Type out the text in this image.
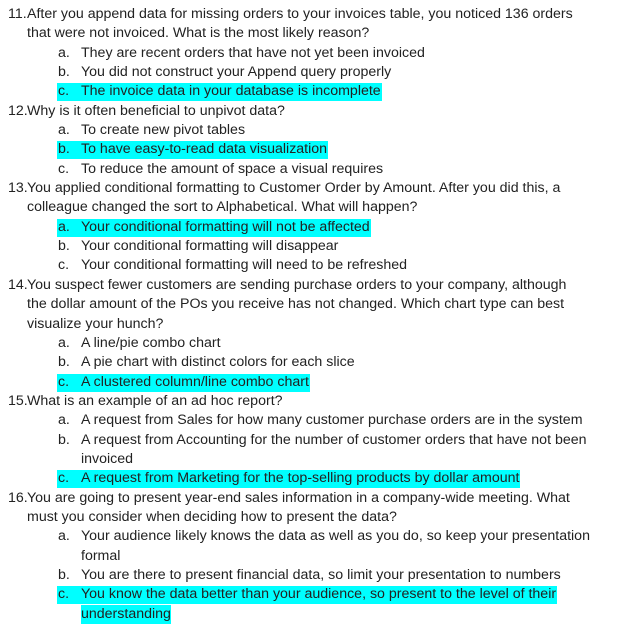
11. After you append data for missing orders to your invoices table, you noticed 136 orders
that were not invoiced. What is the most likely reason?
a. They are recent orders that have not yet been invoiced
b. You did not construct your Append query properly
c. The invoice data in your database is incomplete
12. Why is it often beneficial to unpivot data?
a. To create new pivot tables
b. To have easy-to-read data visualization
c. To reduce the amount of space a visual requires
13. You applied conditional formatting to Customer Order by Amount. After you did this, a
colleague changed the sort to Alphabetical. What will happen?
a. Your conditional formatting will not be affected
b. Your conditional formatting will disappear
c. Your conditional formatting will need to be refreshed
14. You suspect fewer customers are sending purchase orders to your company, although
the dollar amount of the POs you receive has not changed. Which chart type can best
visualize your hunch?
a. A line/pie combo chart
b. A pie chart with distinct colors for each slice
c. A clustered column/line combo chart
15. What is an example of an ad hoc report?
a. A request from Sales for how many customer purchase orders are in the system
b. A request from Accounting for the number of customer orders that have not been
invoiced
c. A request from Marketing for the top-selling products by dollar amount
16. You are going to present year-end sales information in a company-wide meeting. What
must you consider when deciding how to present the data?
a. Your audience likely knows the data as well as you do, so keep your presentation
formal
b. You are there to present financial data, so limit your presentation to numbers
c. You know the data better than your audience, so present to the level of their
understanding
